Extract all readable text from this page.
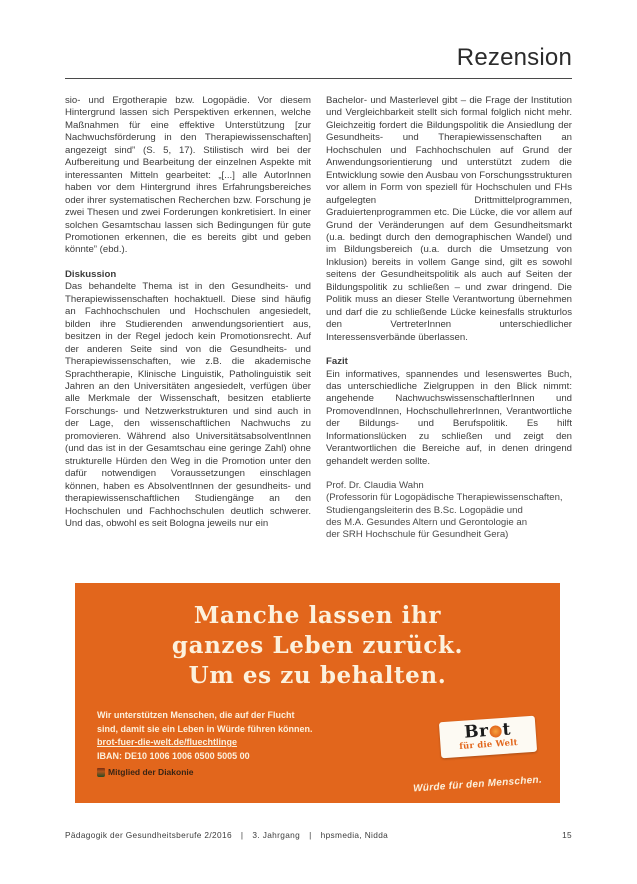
Rezension
sio- und Ergotherapie bzw. Logopädie. Vor diesem Hintergrund lassen sich Perspektiven erkennen, welche Maßnahmen für eine effektive Unterstützung [zur Nachwuchsförderung in den Therapiewissenschaften] angezeigt sind” (S. 5, 17). Stilistisch wird bei der Aufbereitung und Bearbeitung der einzelnen Aspekte mit interessanten Mitteln gearbeitet: „[...] alle AutorInnen haben vor dem Hintergrund ihres Erfahrungsbereiches oder ihrer systematischen Recherchen bzw. Forschung je zwei Thesen und zwei Forderungen konkretisiert. In einer solchen Gesamtschau lassen sich Bedingungen für gute Promotionen erkennen, die es bereits gibt und geben könnte” (ebd.).
Diskussion
Das behandelte Thema ist in den Gesundheits- und Therapiewissenschaften hochaktuell. Diese sind häufig an Fachhochschulen und Hochschulen angesiedelt, bilden ihre Studierenden anwendungsorientiert aus, besitzen in der Regel jedoch kein Promotionsrecht. Auf der anderen Seite sind von die Gesundheits- und Therapiewissenschaften, wie z.B. die akademische Sprachtherapie, Klinische Linguistik, Patholinguistik seit Jahren an den Universitäten angesiedelt, verfügen über alle Merkmale der Wissenschaft, besitzen etablierte Forschungs- und Netzwerkstrukturen und sind auch in der Lage, den wissenschaftlichen Nachwuchs zu promovieren. Während also UniversitätsabsolventInnen (und das ist in der Gesamtschau eine geringe Zahl) ohne strukturelle Hürden den Weg in die Promotion unter den dafür notwendigen Voraussetzungen einschlagen können, haben es AbsolventInnen der gesundheits- und therapiewissenschaftlichen Studiengänge an den Hochschulen und Fachhochschulen deutlich schwerer. Und das, obwohl es seit Bologna jeweils nur ein
Bachelor- und Masterlevel gibt – die Frage der Institution und Vergleichbarkeit stellt sich formal folglich nicht mehr. Gleichzeitig fordert die Bildungspolitik die Ansiedlung der Gesundheits- und Therapiewissenschaften an Hochschulen und Fachhochschulen auf Grund der Anwendungsorientierung und unterstützt zudem die Entwicklung sowie den Ausbau von Forschungsstrukturen vor allem in Form von speziell für Hochschulen und FHs aufgelegten Drittmittelprogrammen, Graduiertenprogrammen etc. Die Lücke, die vor allem auf Grund der Veränderungen auf dem Gesundheitsmarkt (u.a. bedingt durch den demographischen Wandel) und im Bildungsbereich (u.a. durch die Umsetzung von Inklusion) bereits in vollem Gange sind, gilt es sowohl seitens der Gesundheitspolitik als auch auf Seiten der Bildungspolitik zu schließen – und zwar dringend. Die Politik muss an dieser Stelle Verantwortung übernehmen und darf die zu schließende Lücke keinesfalls strukturlos den VertreterInnen unterschiedlicher Interessensverbände überlassen.
Fazit
Ein informatives, spannendes und lesenswertes Buch, das unterschiedliche Zielgruppen in den Blick nimmt: angehende NachwuchswissenschaftlerInnen und PromovendInnen, HochschullehrerInnen, Verantwortliche der Bildungs- und Berufspolitik. Es hilft Informationslücken zu schließen und zeigt den Verantwortlichen die Bereiche auf, in denen dringend gehandelt werden sollte.
Prof. Dr. Claudia Wahn
(Professorin für Logopädische Therapiewissenschaften,
Studiengangsleiterin des B.Sc. Logopädie und
des M.A. Gesundes Altern und Gerontologie an
der SRH Hochschule für Gesundheit Gera)
Manche lassen ihr
ganzes Leben zurück.
Um es zu behalten.
Wir unterstützen Menschen, die auf der Flucht
sind, damit sie ein Leben in Würde führen können.
brot-fuer-die-welt.de/fluechtlinge
IBAN: DE10 1006 1006 0500 5005 00
Mitglied der Diakonie
Br t
für die Welt
Würde für den Menschen.
Pädagogik der Gesundheitsberufe 2/2016 | 3. Jahrgang | hpsmedia, Nidda	15
